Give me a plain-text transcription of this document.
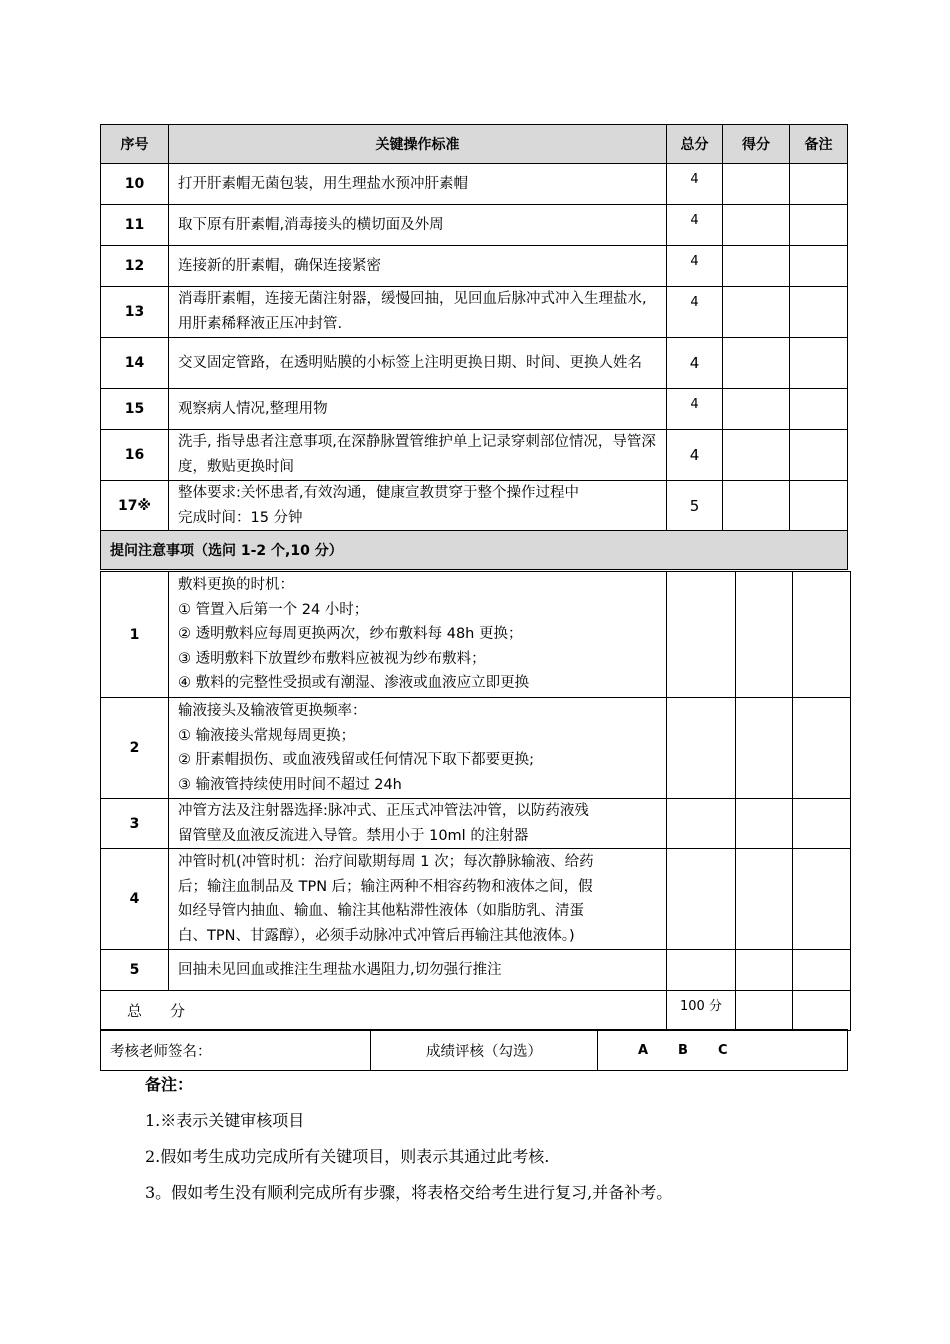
序号	关键操作标准	总分	得分	备注
10	打开肝素帽无菌包装，用生理盐水预冲肝素帽	4		
11	取下原有肝素帽,消毒接头的横切面及外周	4		
12	连接新的肝素帽，确保连接紧密	4		
13	消毒肝素帽，连接无菌注射器，缓慢回抽，见回血后脉冲式冲入生理盐水,用肝素稀释液正压冲封管.	4		
14	交叉固定管路，在透明贴膜的小标签上注明更换日期、时间、更换人姓名	4		
15	观察病人情况,整理用物	4		
16	洗手, 指导患者注意事项,在深静脉置管维护单上记录穿刺部位情况，导管深度，敷贴更换时间	4		
17※	整体要求:关怀患者,有效沟通，健康宣教贯穿于整个操作过程中
完成时间：15 分钟	5		
提问注意事项（选问 1-2 个,10 分）				
1	敷料更换的时机：
① 管置入后第一个 24 小时；
② 透明敷料应每周更换两次，纱布敷料每 48h 更换；
③ 透明敷料下放置纱布敷料应被视为纱布敷料；
④ 敷料的完整性受损或有潮湿、渗液或血液应立即更换			

2	输液接头及输液管更换频率：
① 输液接头常规每周更换；
② 肝素帽损伤、或血液残留或任何情况下取下都要更换;
③ 输液管持续使用时间不超过 24h			

3	冲管方法及注射器选择:脉冲式、正压式冲管法冲管，以防药液残
留管壁及血液反流进入导管。禁用小于 10ml 的注射器			

4	冲管时机(冲管时机：治疗间歇期每周 1 次；每次静脉输液、给药
后；输注血制品及 TPN 后；输注两种不相容药物和液体之间，假
如经导管内抽血、输血、输注其他粘滞性液体（如脂肪乳、清蛋
白、TPN、甘露醇），必须手动脉冲式冲管后再输注其他液体。)			

5	回抽未见回血或推注生理盐水遇阻力,切勿强行推注			

总 分		100 分		
考核老师签名：	成绩评核（勾选）	A B C
备注：
1.※表示关键审核项目
2.假如考生成功完成所有关键项目，则表示其通过此考核.
3。假如考生没有顺利完成所有步骤，将表格交给考生进行复习,并备补考。
